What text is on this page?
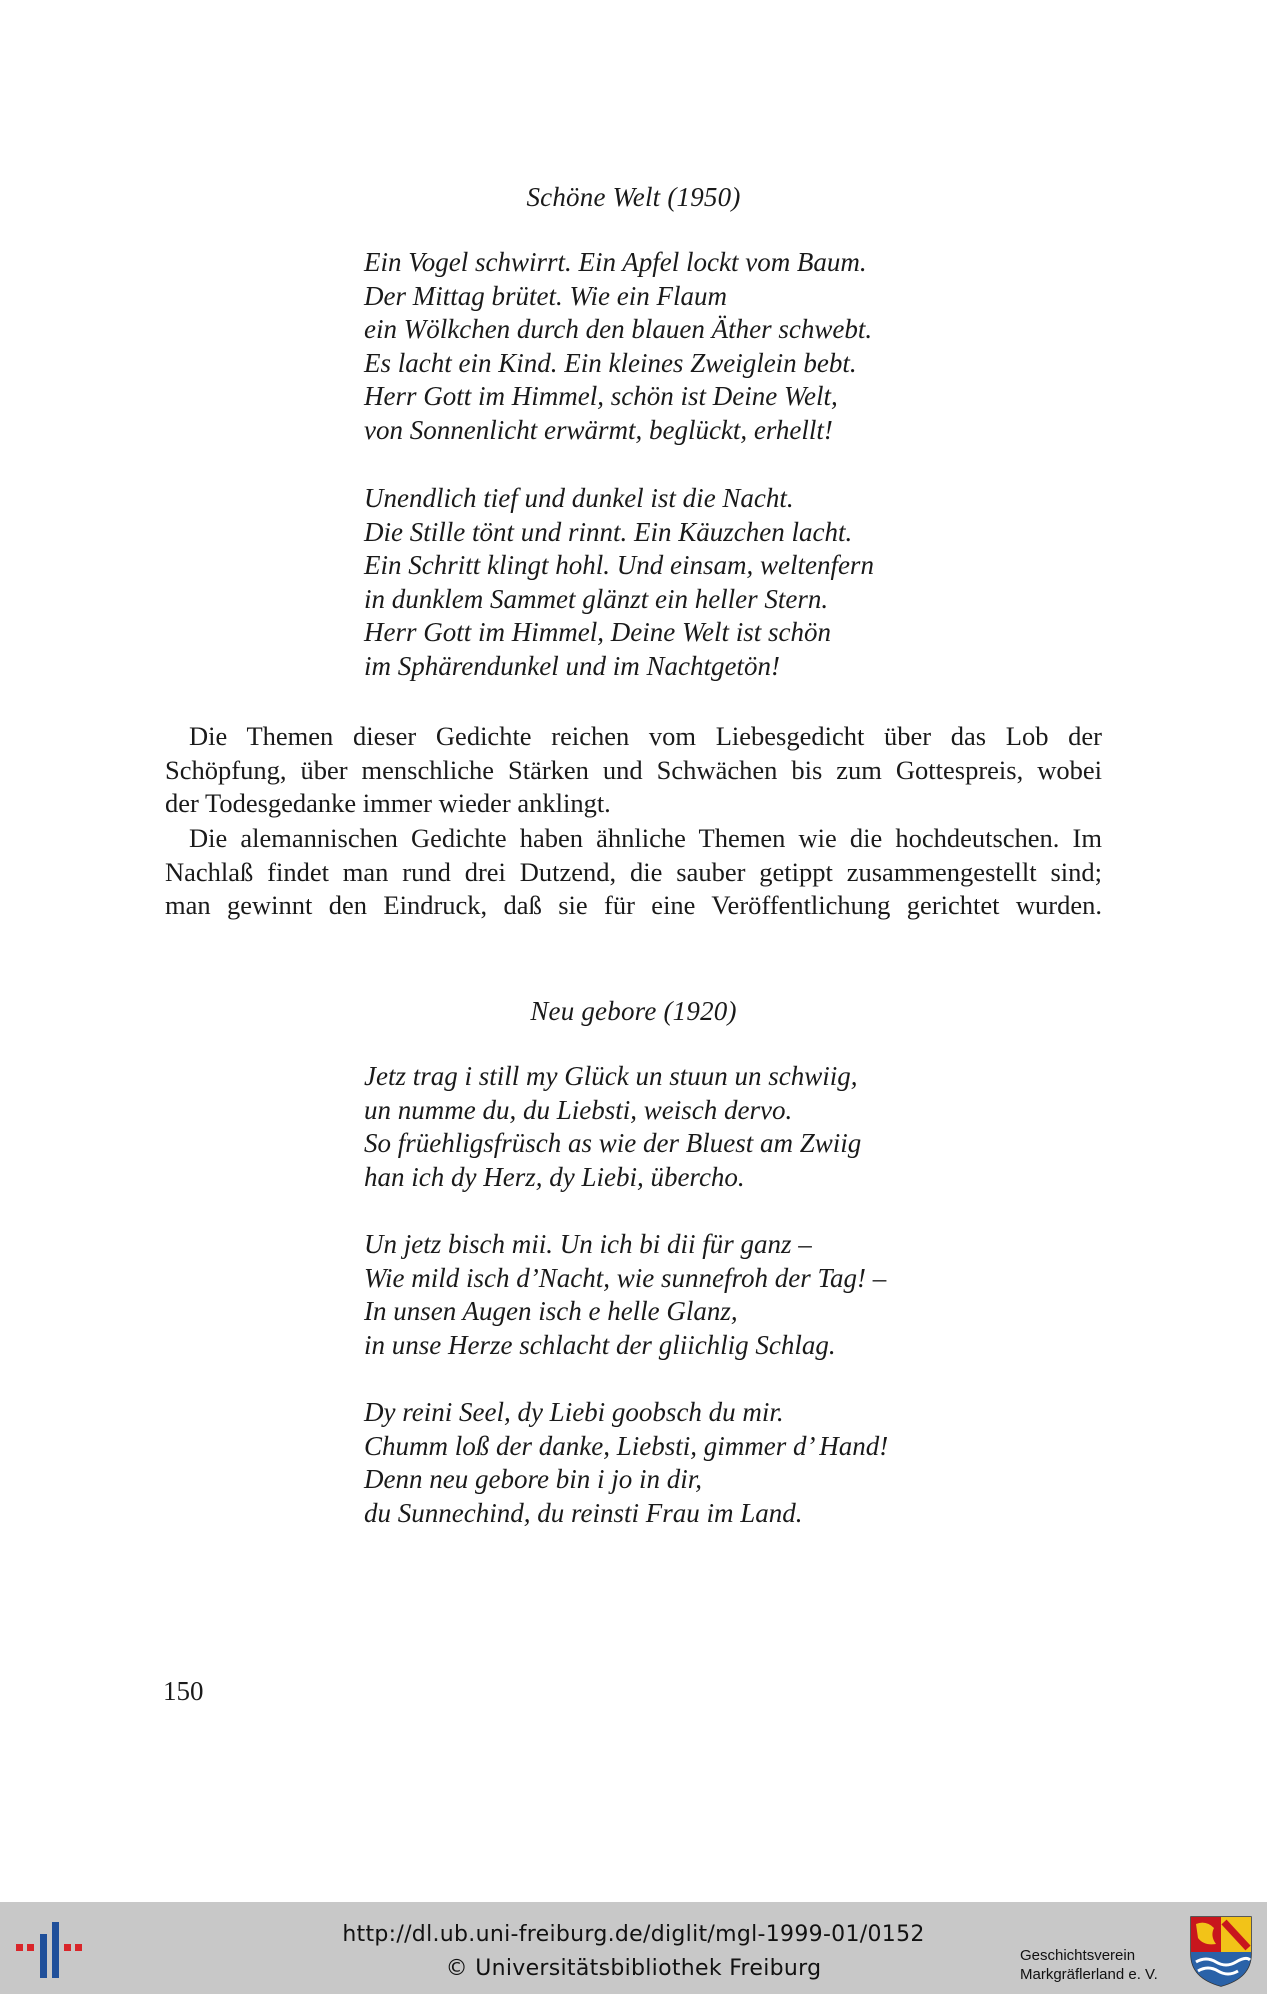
Schöne Welt (1950)
Ein Vogel schwirrt. Ein Apfel lockt vom Baum.
Der Mittag brütet. Wie ein Flaum
ein Wölkchen durch den blauen Äther schwebt.
Es lacht ein Kind. Ein kleines Zweiglein bebt.
Herr Gott im Himmel, schön ist Deine Welt,
von Sonnenlicht erwärmt, beglückt, erhellt!
Unendlich tief und dunkel ist die Nacht.
Die Stille tönt und rinnt. Ein Käuzchen lacht.
Ein Schritt klingt hohl. Und einsam, weltenfern
in dunklem Sammet glänzt ein heller Stern.
Herr Gott im Himmel, Deine Welt ist schön
im Sphärendunkel und im Nachtgetön!
Die Themen dieser Gedichte reichen vom Liebesgedicht über das Lob der
Schöpfung, über menschliche Stärken und Schwächen bis zum Gottespreis, wobei
der Todesgedanke immer wieder anklingt.
Die alemannischen Gedichte haben ähnliche Themen wie die hochdeutschen. Im
Nachlaß findet man rund drei Dutzend, die sauber getippt zusammengestellt sind;
man gewinnt den Eindruck, daß sie für eine Veröffentlichung gerichtet wurden.
Neu gebore (1920)
Jetz trag i still my Glück un stuun un schwiig,
un numme du, du Liebsti, weisch dervo.
So früehligsfrüsch as wie der Bluest am Zwiig
han ich dy Herz, dy Liebi, übercho.
Un jetz bisch mii. Un ich bi dii für ganz –
Wie mild isch d’Nacht, wie sunnefroh der Tag! –
In unsen Augen isch e helle Glanz,
in unse Herze schlacht der gliichlig Schlag.
Dy reini Seel, dy Liebi goobsch du mir.
Chumm loß der danke, Liebsti, gimmer d’ Hand!
Denn neu gebore bin i jo in dir,
du Sunnechind, du reinsti Frau im Land.
150
http://dl.ub.uni-freiburg.de/diglit/mgl-1999-01/0152
© Universitätsbibliothek Freiburg
Geschichtsverein
Markgräflerland e. V.
